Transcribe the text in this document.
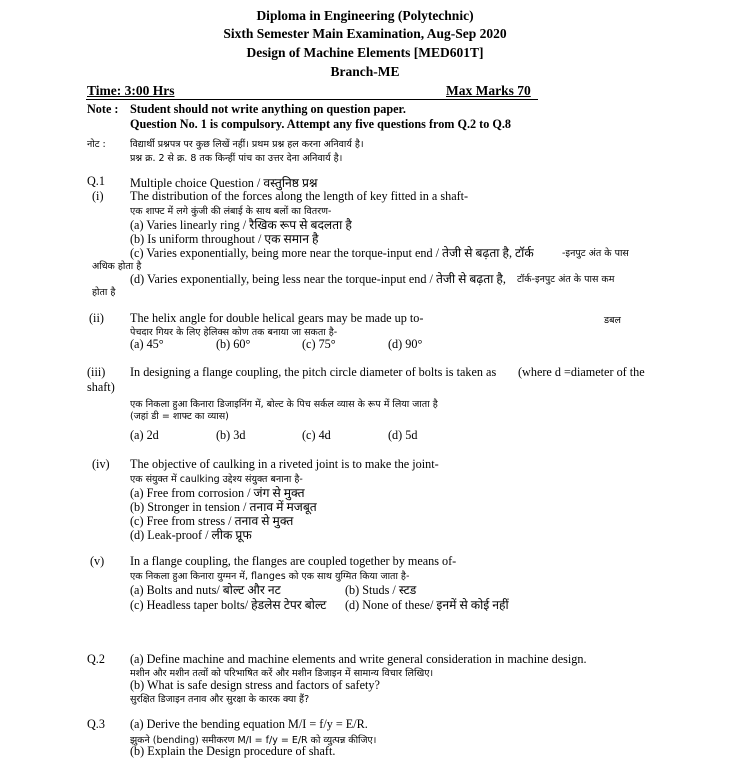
Diploma in Engineering (Polytechnic)
Sixth Semester Main Examination, Aug-Sep 2020
Design of Machine Elements [MED601T]
Branch-ME
Time: 3:00 Hrs	Max Marks 70
Note : Student should not write anything on question paper.
Question No. 1 is compulsory. Attempt any five questions from Q.2 to Q.8
नोट :	विद्यार्थी प्रश्नपत्र पर कुछ लिखें नहीं। प्रथम प्रश्न हल करना अनिवार्य है।
प्रश्न क्र. 2 से क्र. 8 तक किन्हीं पांच का उत्तर देना अनिवार्य है।
Q.1 Multiple choice Question / वस्तुनिष्ठ प्रश्न
(i) The distribution of the forces along the length of key fitted in a shaft-
एक शाफ्ट में लगे कुंजी की लंबाई के साथ बलों का वितरण-
(a) Varies linearly ring / रैखिक रूप से बदलता है
(b) Is uniform throughout / एक समान है
(c) Varies exponentially, being more near the torque-input end / तेजी से बढ़ता है, टॉर्क	-इनपुट अंत के पास
अधिक होता है
(d) Varies exponentially, being less near the torque-input end / तेजी से बढ़ता है, टॉर्क-इनपुट अंत के पास कम
होता है
(ii) The helix angle for double helical gears may be made up to-	डबल
पेचदार गियर के लिए हेलिक्स कोण तक बनाया जा सकता है-
(a) 45°	(b) 60°	(c) 75°	(d) 90°
(iii) In designing a flange coupling, the pitch circle diameter of bolts is taken as (where d =diameter of the
shaft)
एक निकला हुआ किनारा डिजाइनिंग में, बोल्ट के पिच सर्कल व्यास के रूप में लिया जाता है
(जहां डी = शाफ्ट का व्यास)
(a) 2d	(b) 3d	(c) 4d	(d) 5d
(iv) The objective of caulking in a riveted joint is to make the joint-
एक संयुक्त में caulking उद्देश्य संयुक्त बनाना है-
(a) Free from corrosion / जंग से मुक्त
(b) Stronger in tension / तनाव में मजबूत
(c) Free from stress / तनाव से मुक्त
(d) Leak-proof / लीक प्रूफ
(v) In a flange coupling, the flanges are coupled together by means of-
एक निकला हुआ किनारा युग्मन में, flanges को एक साथ युग्मित किया जाता है-
(a) Bolts and nuts/ बोल्ट और नट	(b) Studs / स्टड
(c) Headless taper bolts/ हेडलेस टेपर बोल्ट (d) None of these/ इनमें से कोई नहीं
Q.2 (a) Define machine and machine elements and write general consideration in machine design.
मशीन और मशीन तत्वों को परिभाषित करें और मशीन डिजाइन में सामान्य विचार लिखिए।
(b) What is safe design stress and factors of safety?
सुरक्षित डिजाइन तनाव और सुरक्षा के कारक क्या हैं?
Q.3 (a) Derive the bending equation M/I = f/y = E/R.
झुकने (bending) समीकरण M/I = f/y = E/R को व्युत्पन्न कीजिए।
(b) Explain the Design procedure of shaft.
